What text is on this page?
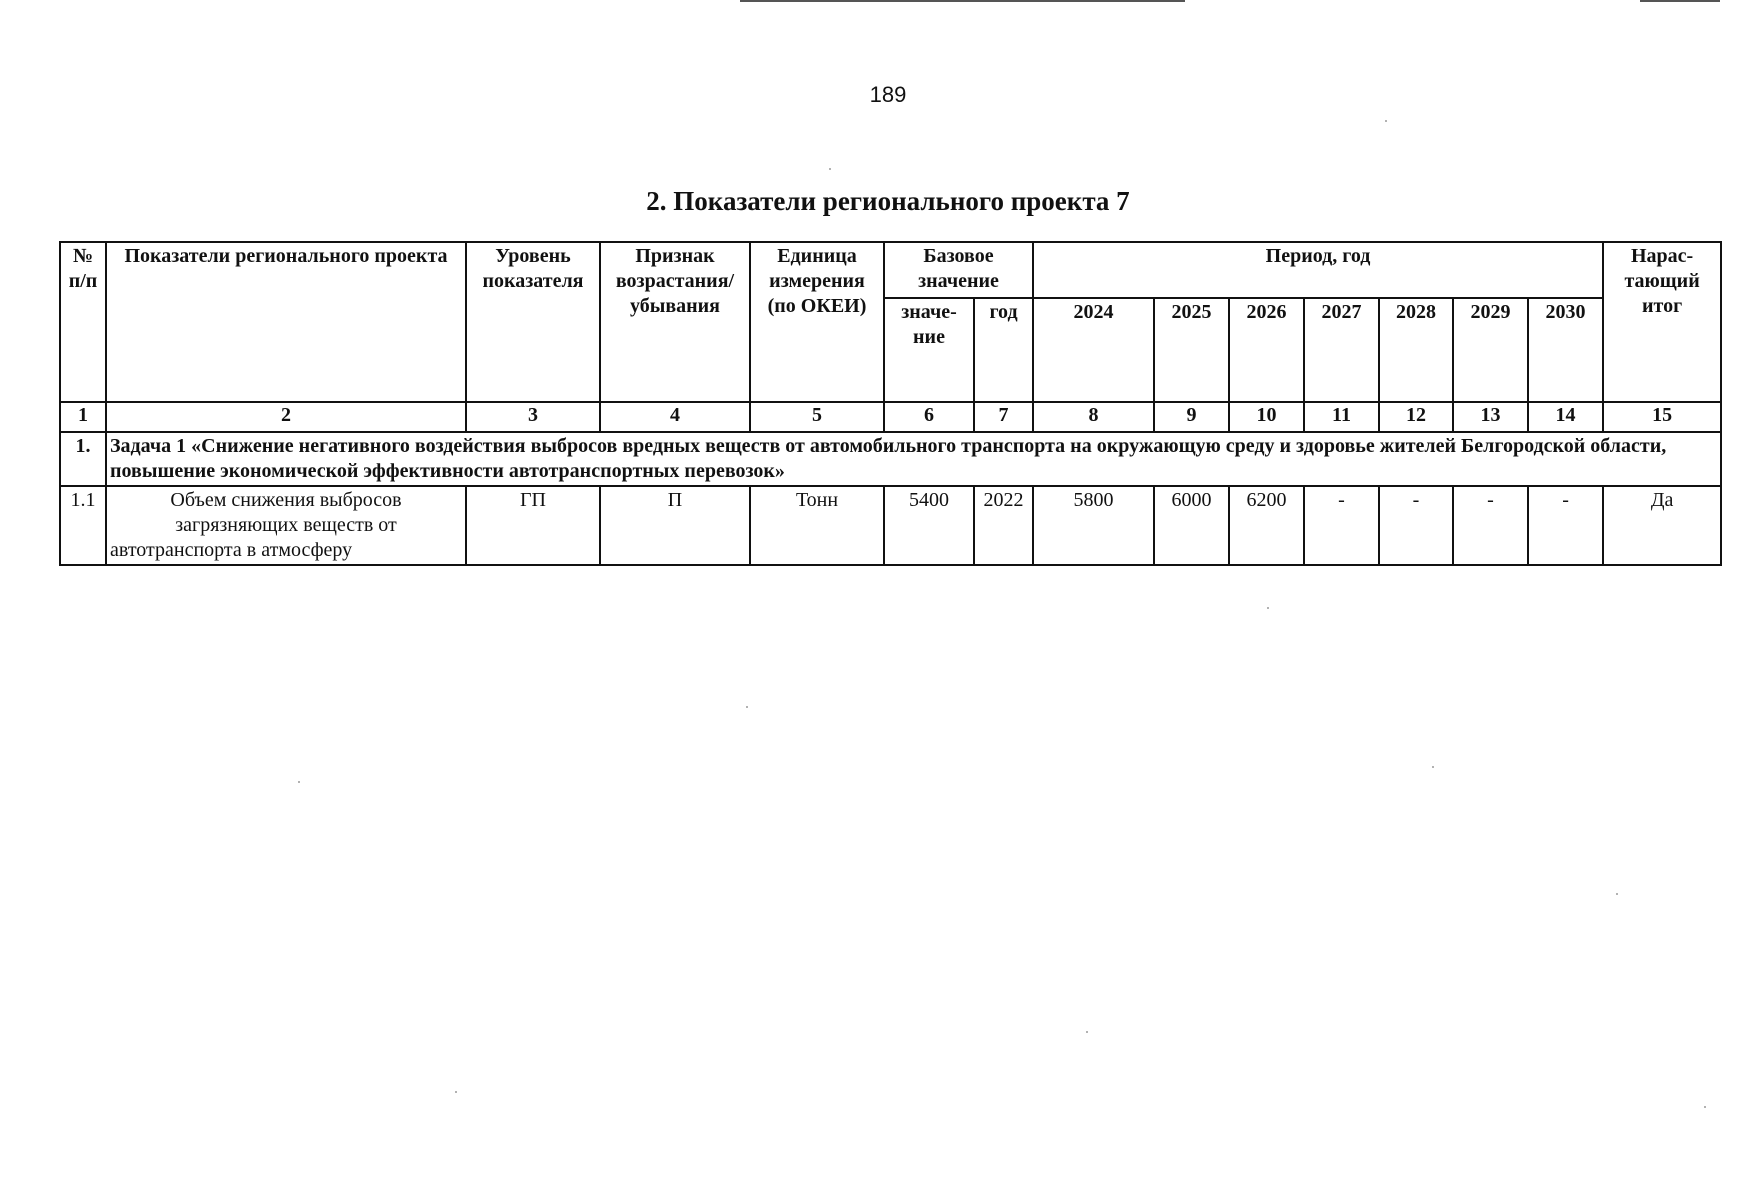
189
2. Показатели регионального проекта 7
№ п/п	Показатели регионального проекта	Уровень показателя	Признак возрастания/ убывания	Единица измерения (по ОКЕИ)	Базовое значение		Период, год							Нарас-тающий итог
					значе-ние	год	2024	2025	2026	2027	2028	2029	2030	
1	2	3	4	5	6	7	8	9	10	11	12	13	14	15
1.	Задача 1 «Снижение негативного воздействия выбросов вредных веществ от автомобильного транспорта на окружающую среду и здоровье жителей Белгородской области, повышение экономической эффективности автотранспортных перевозок»													
1.1	Объем снижения выбросов загрязняющих веществ от автотранспорта в атмосферу	ГП	П	Тонн	5400	2022	5800	6000	6200	-	-	-	-	Да
